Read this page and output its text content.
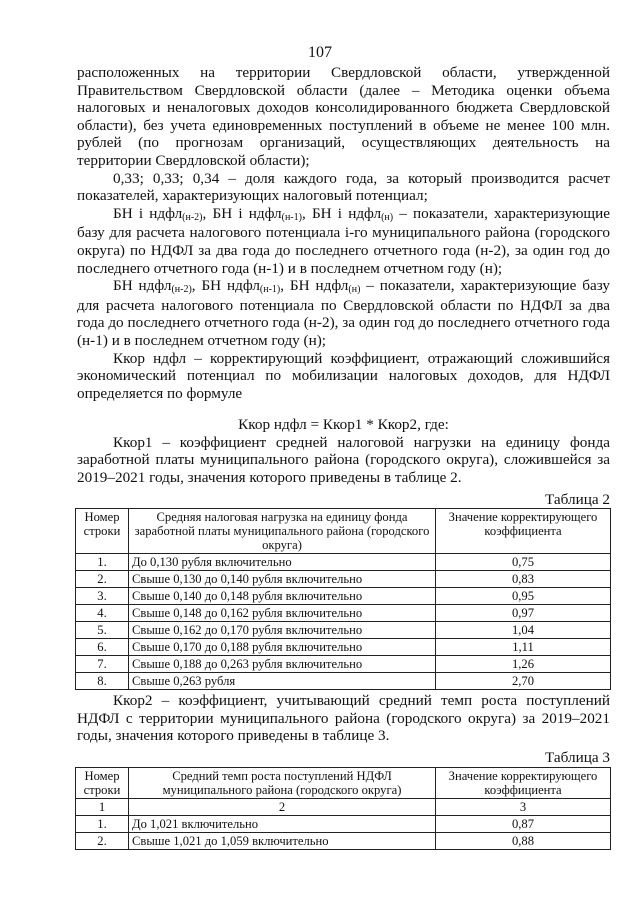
107

расположенных на территории Свердловской области, утвержденной Правительством Свердловской области (далее – Методика оценки объема налоговых и неналоговых доходов консолидированного бюджета Свердловской области), без учета единовременных поступлений в объеме не менее 100 млн. рублей (по прогнозам организаций, осуществляющих деятельность на территории Свердловской области);

0,33; 0,33; 0,34 – доля каждого года, за который производится расчет показателей, характеризующих налоговый потенциал;

БН i ндфл$_{(н-2)}$, БН i ндфл$_{(н-1)}$, БН i ндфл$_{(н)}$ – показатели, характеризующие базу для расчета налогового потенциала i-го муниципального района (городского округа) по НДФЛ за два года до последнего отчетного года (н-2), за один год до последнего отчетного года (н-1) и в последнем отчетном году (н);

БН ндфл$_{(н-2)}$, БН ндфл$_{(н-1)}$, БН ндфл$_{(н)}$ – показатели, характеризующие базу для расчета налогового потенциала по Свердловской области по НДФЛ за два года до последнего отчетного года (н-2), за один год до последнего отчетного года (н-1) и в последнем отчетном году (н);

Ккор ндфл – корректирующий коэффициент, отражающий сложившийся экономический потенциал по мобилизации налоговых доходов, для НДФЛ определяется по формуле

Ккор ндфл = Ккор1 * Ккор2, где:

Ккор1 – коэффициент средней налоговой нагрузки на единицу фонда заработной платы муниципального района (городского округа), сложившейся за 2019–2021 годы, значения которого приведены в таблице 2.

Таблица 2

Номер строки	Средняя налоговая нагрузка на единицу фонда заработной платы муниципального района (городского округа)	Значение корректирующего коэффициента
1.	До 0,130 рубля включительно	0,75
2.	Свыше 0,130 до 0,140 рубля включительно	0,83
3.	Свыше 0,140 до 0,148 рубля включительно	0,95
4.	Свыше 0,148 до 0,162 рубля включительно	0,97
5.	Свыше 0,162 до 0,170 рубля включительно	1,04
6.	Свыше 0,170 до 0,188 рубля включительно	1,11
7.	Свыше 0,188 до 0,263 рубля включительно	1,26
8.	Свыше 0,263 рубля	2,70

Ккор2 – коэффициент, учитывающий средний темп роста поступлений НДФЛ с территории муниципального района (городского округа) за 2019–2021 годы, значения которого приведены в таблице 3.

Таблица 3

Номер строки	Средний темп роста поступлений НДФЛ муниципального района (городского округа)	Значение корректирующего коэффициента
1	2	3
1.	До 1,021 включительно	0,87
2.	Свыше 1,021 до 1,059 включительно	0,88
